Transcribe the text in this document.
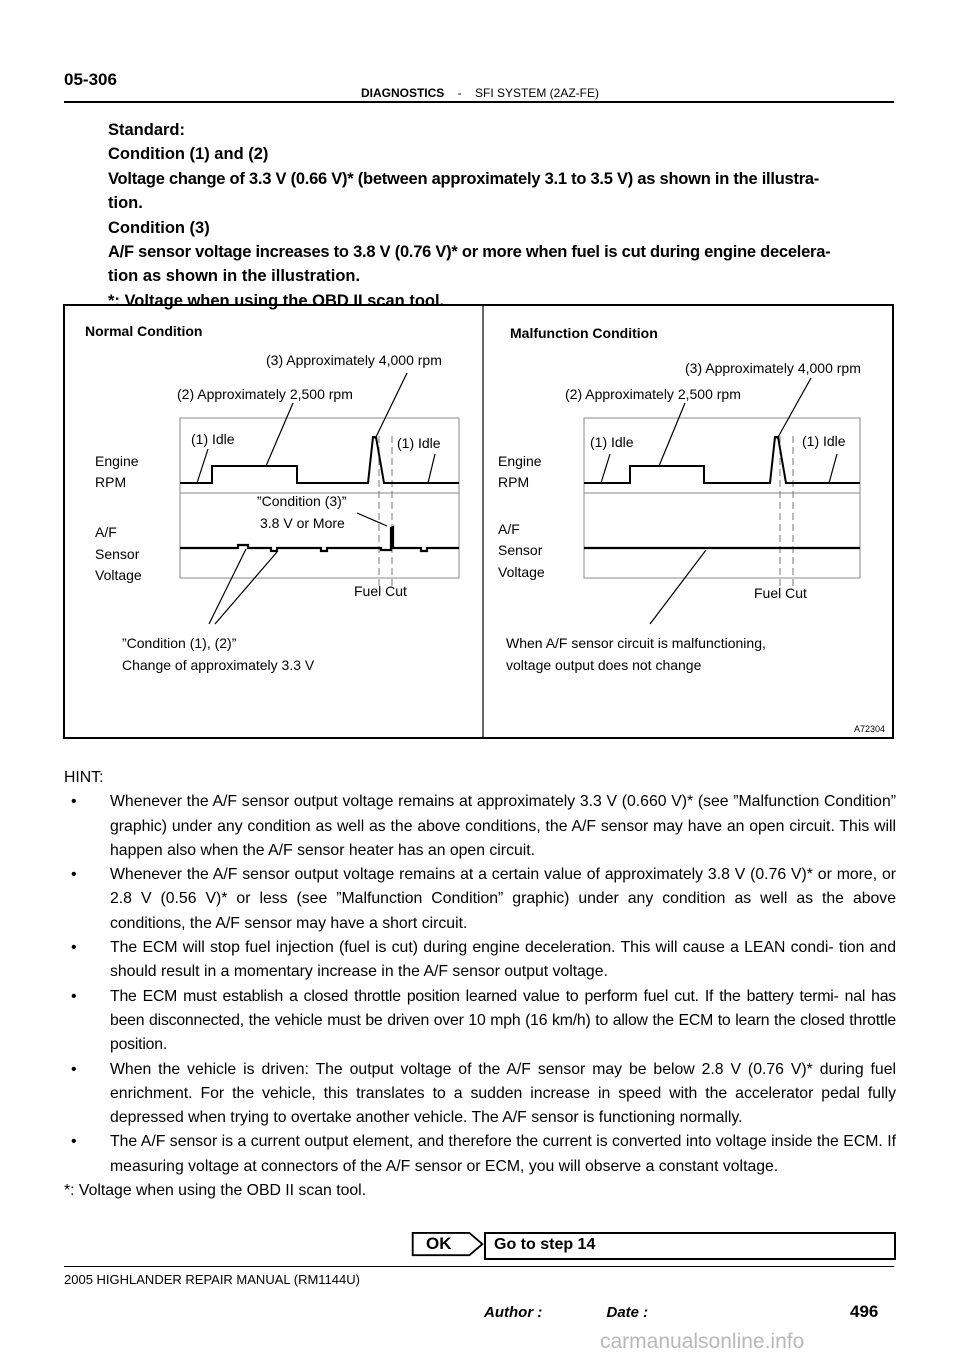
05-306
DIAGNOSTICS - SFI SYSTEM (2AZ-FE)
Standard:
Condition (1) and (2)
Voltage change of 3.3 V (0.66 V)* (between approximately 3.1 to 3.5 V) as shown in the illustra-
tion.
Condition (3)
A/F sensor voltage increases to 3.8 V (0.76 V)* or more when fuel is cut during engine decelera-
tion as shown in the illustration.
*: Voltage when using the OBD II scan tool.
Normal Condition
(3) Approximately 4,000 rpm
(2) Approximately 2,500 rpm
(1) Idle	(1) Idle
Engine
RPM
A/F
Sensor
Voltage
”Condition (3)”
3.8 V or More
Fuel Cut
”Condition (1), (2)”
Change of approximately 3.3 V
Malfunction Condition
(3) Approximately 4,000 rpm
(2) Approximately 2,500 rpm
(1) Idle	(1) Idle
Engine
RPM
A/F
Sensor
Voltage
Fuel Cut
When A/F sensor circuit is malfunctioning,
voltage output does not change
A72304
HINT:
• Whenever the A/F sensor output voltage remains at approximately 3.3 V (0.660 V)* (see ”Malfunction Condition” graphic) under any condition as well as the above conditions, the A/F sensor may have an open circuit. This will happen also when the A/F sensor heater has an open circuit.
• Whenever the A/F sensor output voltage remains at a certain value of approximately 3.8 V (0.76 V)* or more, or 2.8 V (0.56 V)* or less (see ”Malfunction Condition” graphic) under any condition as well as the above conditions, the A/F sensor may have a short circuit.
• The ECM will stop fuel injection (fuel is cut) during engine deceleration. This will cause a LEAN condi- tion and should result in a momentary increase in the A/F sensor output voltage.
• The ECM must establish a closed throttle position learned value to perform fuel cut. If the battery termi- nal has been disconnected, the vehicle must be driven over 10 mph (16 km/h) to allow the ECM to learn the closed throttle position.
• When the vehicle is driven: The output voltage of the A/F sensor may be below 2.8 V (0.76 V)* during fuel enrichment. For the vehicle, this translates to a sudden increase in speed with the accelerator pedal fully depressed when trying to overtake another vehicle. The A/F sensor is functioning normally.
• The A/F sensor is a current output element, and therefore the current is converted into voltage inside the ECM. If measuring voltage at connectors of the A/F sensor or ECM, you will observe a constant voltage.
*: Voltage when using the OBD II scan tool.
OK	Go to step 14
2005 HIGHLANDER REPAIR MANUAL (RM1144U)
Author :	Date :	496
carmanualsonline.info
